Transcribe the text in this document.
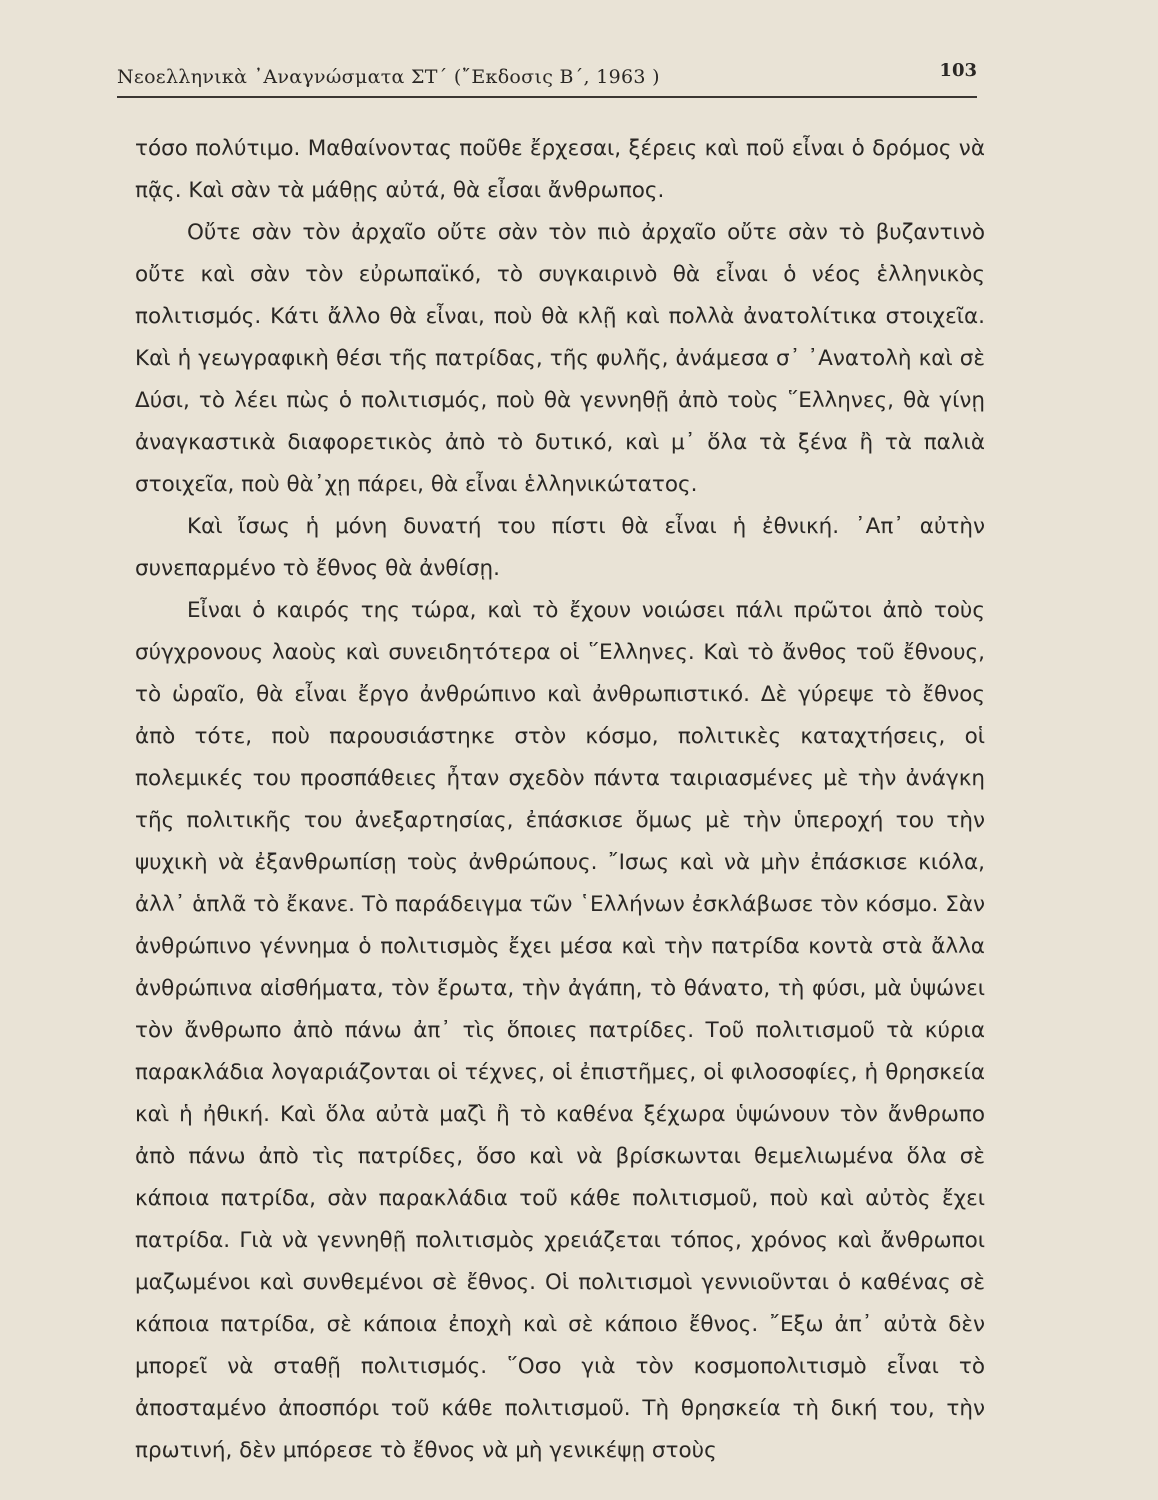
Νεοελληνικὰ ᾿Αναγνώσματα ΣΤ΄ (῎Εκδοσις Β΄, 1963 )	103

τόσο πολύτιμο. Μαθαίνοντας ποῦθε ἔρχεσαι, ξέρεις καὶ ποῦ εἶναι ὁ δρόμος νὰ πᾷς. Καὶ σὰν τὰ μάθῃς αὐτά, θὰ εἶσαι ἄνθρωπος.

Οὔτε σὰν τὸν ἀρχαῖο οὔτε σὰν τὸν πιὸ ἀρχαῖο οὔτε σὰν τὸ βυζαντινὸ οὔτε καὶ σὰν τὸν εὐρωπαϊκό, τὸ συγκαιρινὸ θὰ εἶναι ὁ νέος ἑλληνικὸς πολιτισμός. Κάτι ἄλλο θὰ εἶναι, ποὺ θὰ κλῇ καὶ πολλὰ ἀνατολίτικα στοιχεῖα. Καὶ ἡ γεωγραφικὴ θέσι τῆς πατρίδας, τῆς φυλῆς, ἀνάμεσα σ᾿ ᾿Ανατολὴ καὶ σὲ Δύσι, τὸ λέει πὼς ὁ πολιτισμός, ποὺ θὰ γεννηθῇ ἀπὸ τοὺς ῞Ελληνες, θὰ γίνῃ ἀναγκαστικὰ διαφορετικὸς ἀπὸ τὸ δυτικό, καὶ μ᾿ ὅλα τὰ ξένα ἢ τὰ παλιὰ στοιχεῖα, ποὺ θὰ᾿χῃ πάρει, θὰ εἶναι ἑλληνικώτατος.

Καὶ ἴσως ἡ μόνη δυνατή του πίστι θὰ εἶναι ἡ ἐθνική. ᾿Απ᾿ αὐτὴν συνεπαρμένο τὸ ἔθνος θὰ ἀνθίσῃ.

Εἶναι ὁ καιρός της τώρα, καὶ τὸ ἔχουν νοιώσει πάλι πρῶτοι ἀπὸ τοὺς σύγχρονους λαοὺς καὶ συνειδητότερα οἱ ῞Ελληνες. Καὶ τὸ ἄνθος τοῦ ἔθνους, τὸ ὡραῖο, θὰ εἶναι ἔργο ἀνθρώπινο καὶ ἀνθρωπιστικό. Δὲ γύρεψε τὸ ἔθνος ἀπὸ τότε, ποὺ παρουσιάστηκε στὸν κόσμο, πολιτικὲς καταχτήσεις, οἱ πολεμικές του προσπάθειες ἦταν σχεδὸν πάντα ταιριασμένες μὲ τὴν ἀνάγκη τῆς πολιτικῆς του ἀνεξαρτησίας, ἐπάσκισε ὅμως μὲ τὴν ὑπεροχή του τὴν ψυχικὴ νὰ ἐξανθρωπίσῃ τοὺς ἀνθρώπους. ῎Ισως καὶ νὰ μὴν ἐπάσκισε κιόλα, ἀλλ᾿ ἁπλᾶ τὸ ἔκανε. Τὸ παράδειγμα τῶν ῾Ελλήνων ἐσκλάβωσε τὸν κόσμο. Σὰν ἀνθρώπινο γέννημα ὁ πολιτισμὸς ἔχει μέσα καὶ τὴν πατρίδα κοντὰ στὰ ἄλλα ἀνθρώπινα αἰσθήματα, τὸν ἔρωτα, τὴν ἀγάπη, τὸ θάνατο, τὴ φύσι, μὰ ὑψώνει τὸν ἄνθρωπο ἀπὸ πάνω ἀπ᾿ τὶς ὅποιες πατρίδες. Τοῦ πολιτισμοῦ τὰ κύρια παρακλάδια λογαριάζονται οἱ τέχνες, οἱ ἐπιστῆμες, οἱ φιλοσοφίες, ἡ θρησκεία καὶ ἡ ἠθική. Καὶ ὅλα αὐτὰ μαζὶ ἢ τὸ καθένα ξέχωρα ὑψώνουν τὸν ἄνθρωπο ἀπὸ πάνω ἀπὸ τὶς πατρίδες, ὅσο καὶ νὰ βρίσκωνται θεμελιωμένα ὅλα σὲ κάποια πατρίδα, σὰν παρακλάδια τοῦ κάθε πολιτισμοῦ, ποὺ καὶ αὐτὸς ἔχει πατρίδα. Γιὰ νὰ γεννηθῇ πολιτισμὸς χρειάζεται τόπος, χρόνος καὶ ἄνθρωποι μαζωμένοι καὶ συνθεμένοι σὲ ἔθνος. Οἱ πολιτισμοὶ γεννιοῦνται ὁ καθένας σὲ κάποια πατρίδα, σὲ κάποια ἐποχὴ καὶ σὲ κάποιο ἔθνος. ῎Εξω ἀπ᾿ αὐτὰ δὲν μπορεῖ νὰ σταθῇ πολιτισμός. ῞Οσο γιὰ τὸν κοσμοπολιτισμὸ εἶναι τὸ ἀποσταμένο ἀποσπόρι τοῦ κάθε πολιτισμοῦ. Τὴ θρησκεία τὴ δική του, τὴν πρωτινή, δὲν μπόρεσε τὸ ἔθνος νὰ μὴ γενικέψῃ στοὺς
